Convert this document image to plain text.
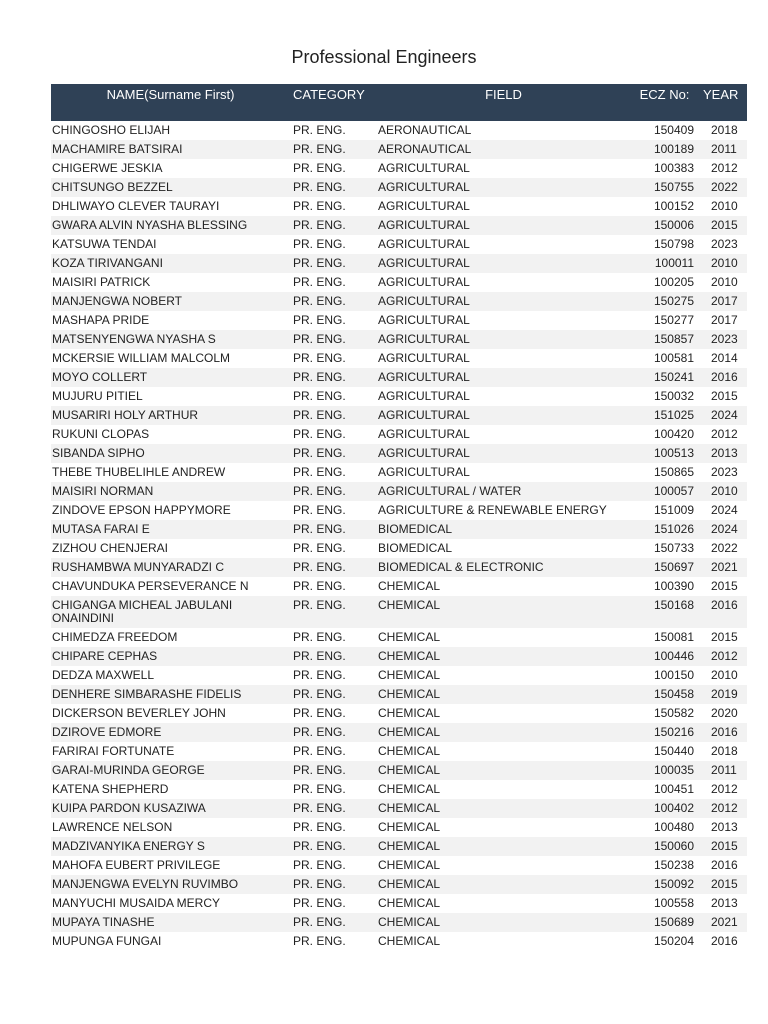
Professional Engineers
NAME(Surname First)	CATEGORY	FIELD	ECZ No:	YEAR
CHINGOSHO ELIJAH	PR. ENG.	AERONAUTICAL	150409	2018
MACHAMIRE BATSIRAI	PR. ENG.	AERONAUTICAL	100189	2011
CHIGERWE JESKIA	PR. ENG.	AGRICULTURAL	100383	2012
CHITSUNGO BEZZEL	PR. ENG.	AGRICULTURAL	150755	2022
DHLIWAYO CLEVER TAURAYI	PR. ENG.	AGRICULTURAL	100152	2010
GWARA ALVIN NYASHA BLESSING	PR. ENG.	AGRICULTURAL	150006	2015
KATSUWA TENDAI	PR. ENG.	AGRICULTURAL	150798	2023
KOZA TIRIVANGANI	PR. ENG.	AGRICULTURAL	100011	2010
MAISIRI PATRICK	PR. ENG.	AGRICULTURAL	100205	2010
MANJENGWA NOBERT	PR. ENG.	AGRICULTURAL	150275	2017
MASHAPA PRIDE	PR. ENG.	AGRICULTURAL	150277	2017
MATSENYENGWA NYASHA S	PR. ENG.	AGRICULTURAL	150857	2023
MCKERSIE WILLIAM MALCOLM	PR. ENG.	AGRICULTURAL	100581	2014
MOYO COLLERT	PR. ENG.	AGRICULTURAL	150241	2016
MUJURU PITIEL	PR. ENG.	AGRICULTURAL	150032	2015
MUSARIRI HOLY ARTHUR	PR. ENG.	AGRICULTURAL	151025	2024
RUKUNI CLOPAS	PR. ENG.	AGRICULTURAL	100420	2012
SIBANDA SIPHO	PR. ENG.	AGRICULTURAL	100513	2013
THEBE THUBELIHLE ANDREW	PR. ENG.	AGRICULTURAL	150865	2023
MAISIRI NORMAN	PR. ENG.	AGRICULTURAL / WATER	100057	2010
ZINDOVE EPSON HAPPYMORE	PR. ENG.	AGRICULTURE & RENEWABLE ENERGY	151009	2024
MUTASA FARAI E	PR. ENG.	BIOMEDICAL	151026	2024
ZIZHOU CHENJERAI	PR. ENG.	BIOMEDICAL	150733	2022
RUSHAMBWA MUNYARADZI C	PR. ENG.	BIOMEDICAL & ELECTRONIC	150697	2021
CHAVUNDUKA PERSEVERANCE N	PR. ENG.	CHEMICAL	100390	2015
CHIGANGA MICHEAL JABULANI ONAINDINI	PR. ENG.	CHEMICAL	150168	2016
CHIMEDZA FREEDOM	PR. ENG.	CHEMICAL	150081	2015
CHIPARE CEPHAS	PR. ENG.	CHEMICAL	100446	2012
DEDZA MAXWELL	PR. ENG.	CHEMICAL	100150	2010
DENHERE SIMBARASHE FIDELIS	PR. ENG.	CHEMICAL	150458	2019
DICKERSON BEVERLEY JOHN	PR. ENG.	CHEMICAL	150582	2020
DZIROVE EDMORE	PR. ENG.	CHEMICAL	150216	2016
FARIRAI FORTUNATE	PR. ENG.	CHEMICAL	150440	2018
GARAI-MURINDA GEORGE	PR. ENG.	CHEMICAL	100035	2011
KATENA SHEPHERD	PR. ENG.	CHEMICAL	100451	2012
KUIPA PARDON KUSAZIWA	PR. ENG.	CHEMICAL	100402	2012
LAWRENCE NELSON	PR. ENG.	CHEMICAL	100480	2013
MADZIVANYIKA ENERGY S	PR. ENG.	CHEMICAL	150060	2015
MAHOFA EUBERT PRIVILEGE	PR. ENG.	CHEMICAL	150238	2016
MANJENGWA EVELYN RUVIMBO	PR. ENG.	CHEMICAL	150092	2015
MANYUCHI MUSAIDA MERCY	PR. ENG.	CHEMICAL	100558	2013
MUPAYA TINASHE	PR. ENG.	CHEMICAL	150689	2021
MUPUNGA FUNGAI	PR. ENG.	CHEMICAL	150204	2016
